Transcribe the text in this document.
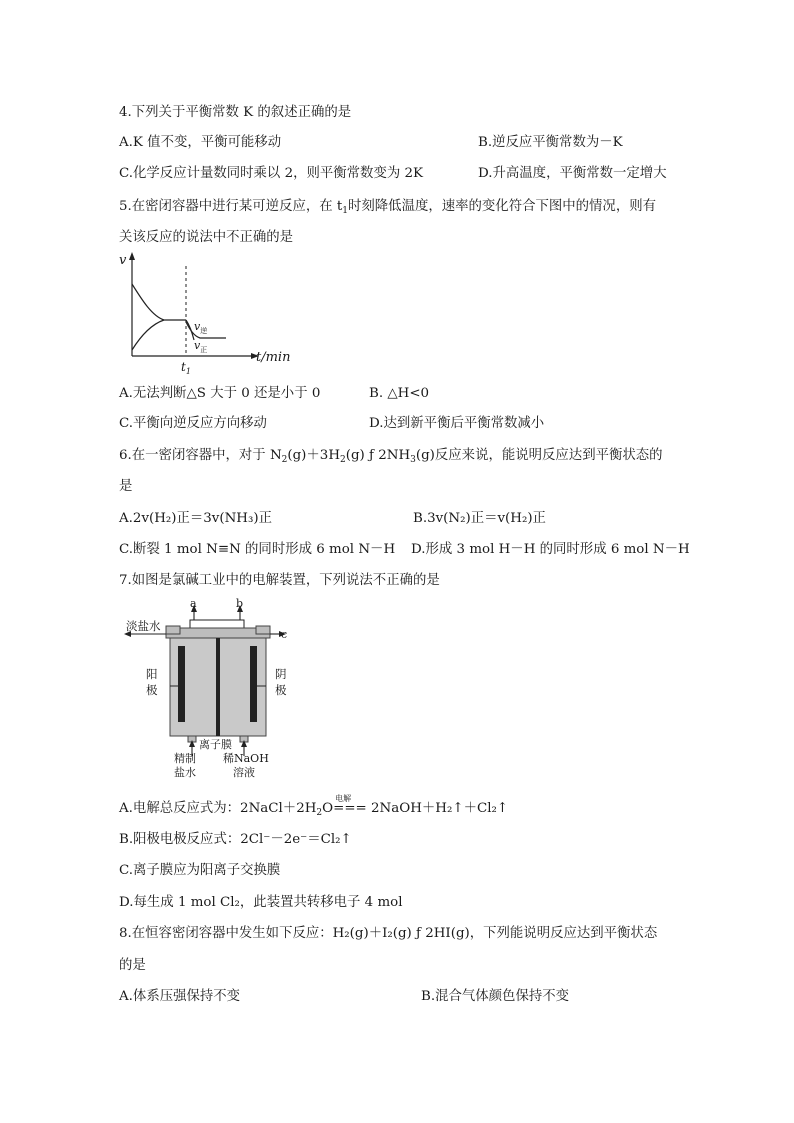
4.下列关于平衡常数 K 的叙述正确的是
A.K 值不变，平衡可能移动	B.逆反应平衡常数为－K
C.化学反应计量数同时乘以 2，则平衡常数变为 2K	D.升高温度，平衡常数一定增大
5.在密闭容器中进行某可逆反应，在 $t_1$时刻降低温度，速率的变化符合下图中的情况，则有
关该反应的说法中不正确的是
v
t/min
$t_1$
$v_逆$
$v_正$
A.无法判断△S 大于 0 还是小于 0	B. △H<0
C.平衡向逆反应方向移动	D.达到新平衡后平衡常数减小
6.在一密闭容器中，对于 $N_2(g)+3H_2(g)$ ƒ $2NH_3(g)$反应来说，能说明反应达到平衡状态的
是
A.2v(H₂)正＝3v(NH₃)正	B.3v(N₂)正＝v(H₂)正
C.断裂 1 mol N≡N 的同时形成 6 mol N－H D.形成 3 mol H－H 的同时形成 6 mol N－H
7.如图是氯碱工业中的电解装置，下列说法不正确的是
a	b
淡盐水
c
阳
极
阴
极
离子膜
精制
盐水
稀NaOH
溶液
A.电解总反应式为：$2NaCl+2H_2O$
电解
=== 2NaOH＋H₂↑＋Cl₂↑
B.阳极电极反应式：2Cl⁻－2e⁻＝Cl₂↑
C.离子膜应为阳离子交换膜
D.每生成 1 mol Cl₂，此装置共转移电子 4 mol
8.在恒容密闭容器中发生如下反应：H₂(g)＋I₂(g) ƒ 2HI(g)，下列能说明反应达到平衡状态
的是
A.体系压强保持不变	B.混合气体颜色保持不变
